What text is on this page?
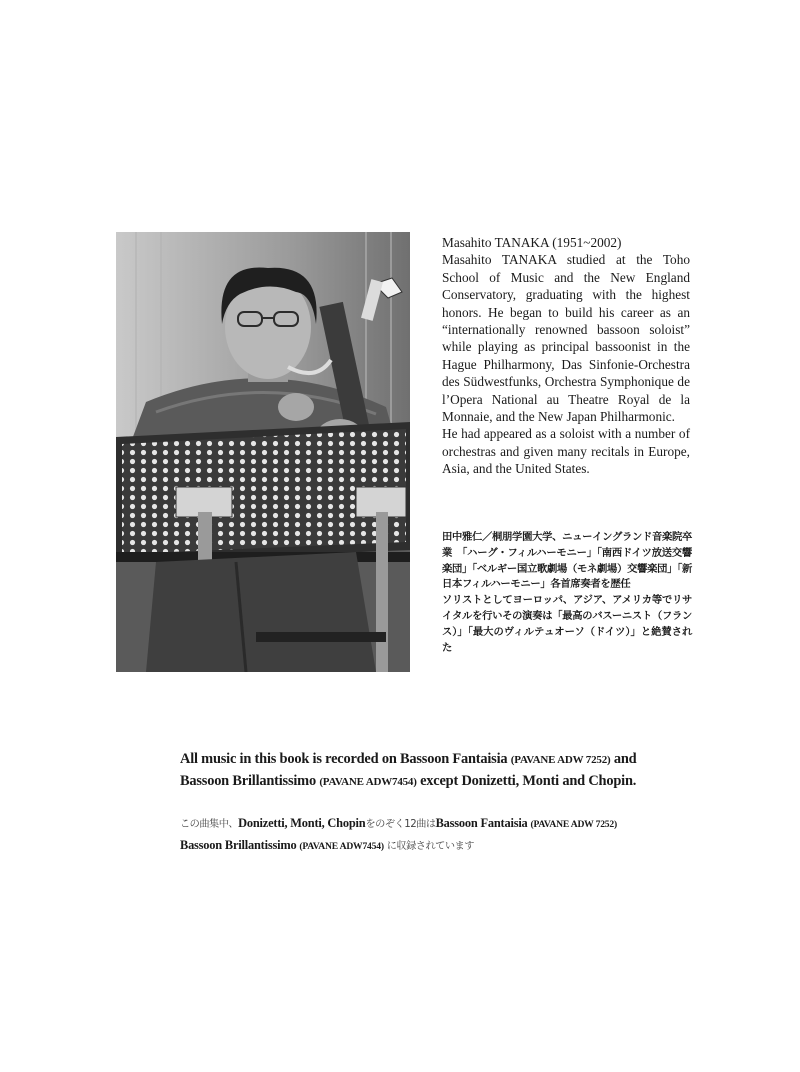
Masahito TANAKA (1951~2002)

Masahito TANAKA studied at the Toho School of Music and the New England Conservatory, graduating with the highest honors. He began to build his career as an “internationally renowned bassoon soloist” while playing as principal bassoonist in the Hague Philharmony, Das Sinfonie-Orchestra des Südwestfunks, Orchestra Symphonique de l’Opera National au Theatre Royal de la Monnaie, and the New Japan Philharmonic.

He had appeared as a soloist with a number of orchestras and given many recitals in Europe, Asia, and the United States.

田中雅仁／桐朋学園大学、ニューイングランド音楽院卒業　「ハーグ・フィルハーモニー」「南西ドイツ放送交響楽団」「ベルギー国立歌劇場（モネ劇場）交響楽団」「新日本フィルハーモニー」各首席奏者を歴任

ソリストとしてヨーロッパ、アジア、アメリカ等でリサイタルを行いその演奏は「最高のバスーニスト（フランス）」「最大のヴィルテュオーソ（ドイツ）」と絶賛された

All music in this book is recorded on Bassoon Fantaisia (PAVANE ADW 7252) and
Bassoon Brillantissimo (PAVANE ADW7454) except Donizetti, Monti and Chopin.
この曲集中、Donizetti, Monti, Chopinをのぞく12曲はBassoon Fantaisia (PAVANE ADW 7252)
Bassoon Brillantissimo (PAVANE ADW7454) に収録されています
